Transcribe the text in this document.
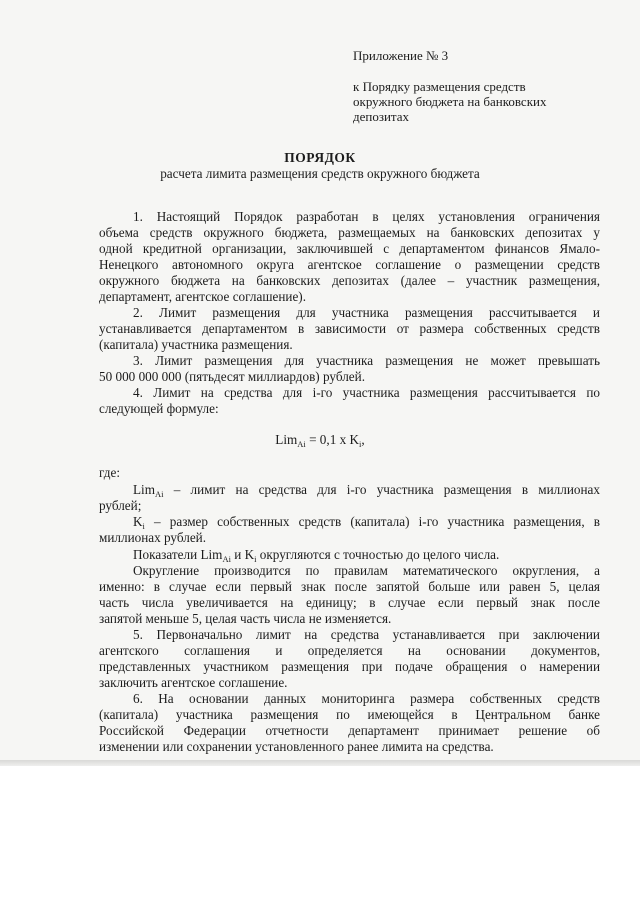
Приложение № 3
к Порядку размещения средств
окружного бюджета на банковских
депозитах
ПОРЯДОК
расчета лимита размещения средств окружного бюджета
1. Настоящий Порядок разработан в целях установления ограничения
объема средств окружного бюджета, размещаемых на банковских депозитах у
одной кредитной организации, заключившей с департаментом финансов Ямало-
Ненецкого автономного округа агентское соглашение о размещении средств
окружного бюджета на банковских депозитах (далее – участник размещения,
департамент, агентское соглашение).
2. Лимит размещения для участника размещения рассчитывается и
устанавливается департаментом в зависимости от размера собственных средств
(капитала) участника размещения.
3. Лимит размещения для участника размещения не может превышать
50 000 000 000 (пятьдесят миллиардов) рублей.
4. Лимит на средства для i-го участника размещения рассчитывается по
следующей формуле:
Lim$_{Ai}$ = 0,1 x $K_i$,
где:
Lim$_{Ai}$ – лимит на средства для i-го участника размещения в миллионах
рублей;
$K_i$ – размер собственных средств (капитала) i-го участника размещения, в
миллионах рублей.
Показатели Lim$_{Ai}$ и $K_i$ округляются с точностью до целого числа.
Округление производится по правилам математического округления, а
именно: в случае если первый знак после запятой больше или равен 5, целая
часть числа увеличивается на единицу; в случае если первый знак после
запятой меньше 5, целая часть числа не изменяется.
5. Первоначально лимит на средства устанавливается при заключении
агентского соглашения и определяется на основании документов,
представленных участником размещения при подаче обращения о намерении
заключить агентское соглашение.
6. На основании данных мониторинга размера собственных средств
(капитала) участника размещения по имеющейся в Центральном банке
Российской Федерации отчетности департамент принимает решение об
изменении или сохранении установленного ранее лимита на средства.
